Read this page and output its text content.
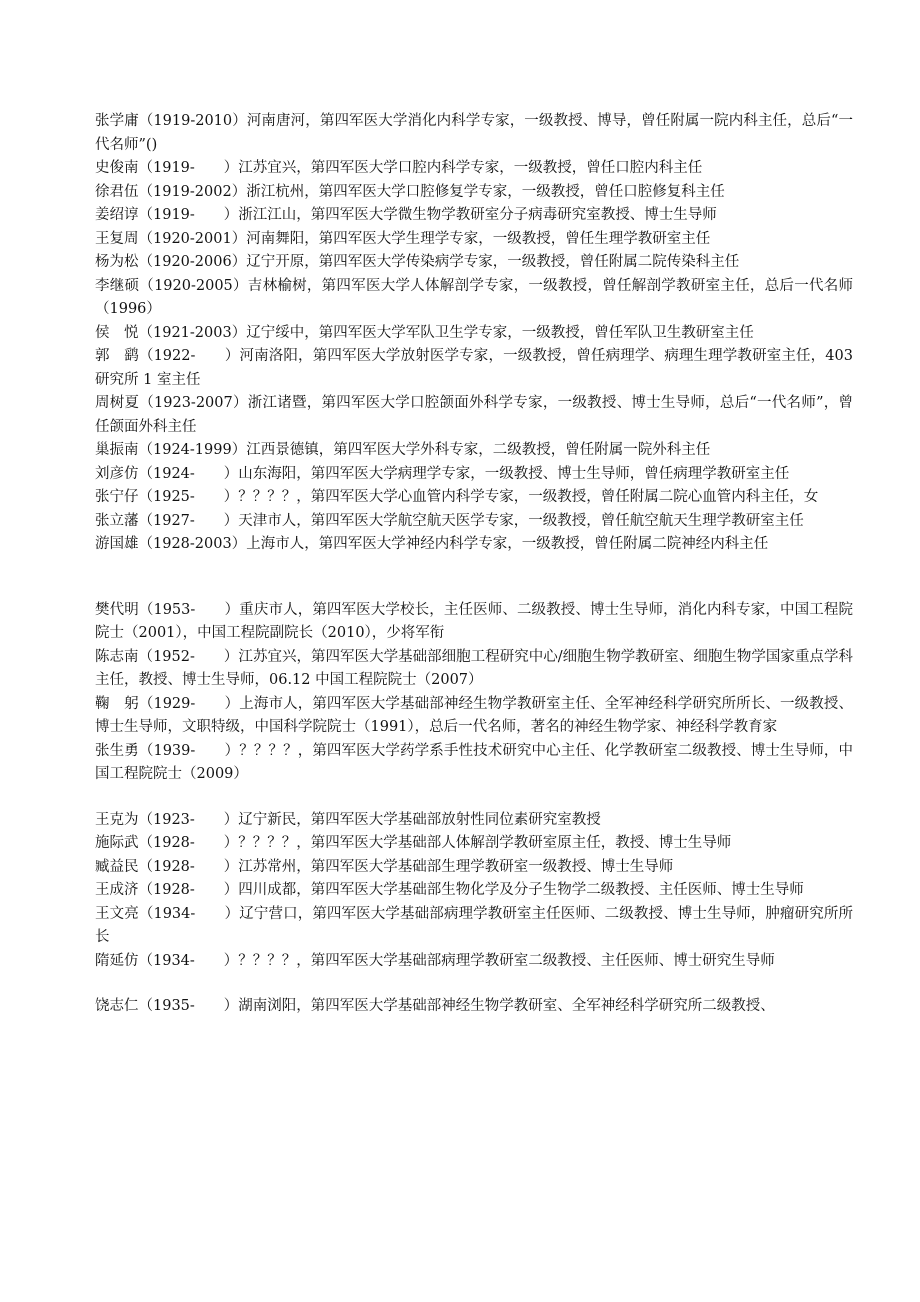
张学庸（1919-2010）河南唐河，第四军医大学消化内科学专家，一级教授、博导，曾任附属一院内科主任，总后“一代名师”()

史俊南（1919-　　）江苏宜兴，第四军医大学口腔内科学专家，一级教授，曾任口腔内科主任

徐君伍（1919-2002）浙江杭州，第四军医大学口腔修复学专家，一级教授，曾任口腔修复科主任

姜绍谆（1919-　　）浙江江山，第四军医大学微生物学教研室分子病毒研究室教授、博士生导师

王复周（1920-2001）河南舞阳，第四军医大学生理学专家，一级教授，曾任生理学教研室主任

杨为松（1920-2006）辽宁开原，第四军医大学传染病学专家，一级教授，曾任附属二院传染科主任

李继硕（1920-2005）吉林榆树，第四军医大学人体解剖学专家，一级教授，曾任解剖学教研室主任，总后一代名师（1996）

侯　悦（1921-2003）辽宁绥中，第四军医大学军队卫生学专家，一级教授，曾任军队卫生教研室主任

郭　鹞（1922-　　）河南洛阳，第四军医大学放射医学专家，一级教授，曾任病理学、病理生理学教研室主任，403 研究所 1 室主任

周树夏（1923-2007）浙江诸暨，第四军医大学口腔颌面外科学专家，一级教授、博士生导师，总后“一代名师”，曾任颌面外科主任

巢振南（1924-1999）江西景德镇，第四军医大学外科专家，二级教授，曾任附属一院外科主任

刘彦仿（1924-　　）山东海阳，第四军医大学病理学专家，一级教授、博士生导师，曾任病理学教研室主任

张宁仔（1925-　　）？？？？，第四军医大学心血管内科学专家，一级教授，曾任附属二院心血管内科主任，女

张立藩（1927-　　）天津市人，第四军医大学航空航天医学专家，一级教授，曾任航空航天生理学教研室主任

游国雄（1928-2003）上海市人，第四军医大学神经内科学专家，一级教授，曾任附属二院神经内科主任

樊代明（1953-　　）重庆市人，第四军医大学校长，主任医师、二级教授、博士生导师，消化内科专家，中国工程院院士（2001），中国工程院副院长（2010），少将军衔

陈志南（1952-　　）江苏宜兴，第四军医大学基础部细胞工程研究中心/细胞生物学教研室、细胞生物学国家重点学科主任，教授、博士生导师，06.12 中国工程院院士（2007）

鞠　躬（1929-　　）上海市人，第四军医大学基础部神经生物学教研室主任、全军神经科学研究所所长、一级教授、博士生导师，文职特级，中国科学院院士（1991），总后一代名师，著名的神经生物学家、神经科学教育家

张生勇（1939-　　）？？？？，第四军医大学药学系手性技术研究中心主任、化学教研室二级教授、博士生导师，中国工程院院士（2009）

王克为（1923-　　）辽宁新民，第四军医大学基础部放射性同位素研究室教授

施际武（1928-　　）？？？？，第四军医大学基础部人体解剖学教研室原主任，教授、博士生导师

臧益民（1928-　　）江苏常州，第四军医大学基础部生理学教研室一级教授、博士生导师

王成济（1928-　　）四川成都，第四军医大学基础部生物化学及分子生物学二级教授、主任医师、博士生导师

王文亮（1934-　　）辽宁营口，第四军医大学基础部病理学教研室主任医师、二级教授、博士生导师，肿瘤研究所所长

隋延仿（1934-　　）？？？？，第四军医大学基础部病理学教研室二级教授、主任医师、博士研究生导师

饶志仁（1935-　　）湖南浏阳，第四军医大学基础部神经生物学教研室、全军神经科学研究所二级教授、
